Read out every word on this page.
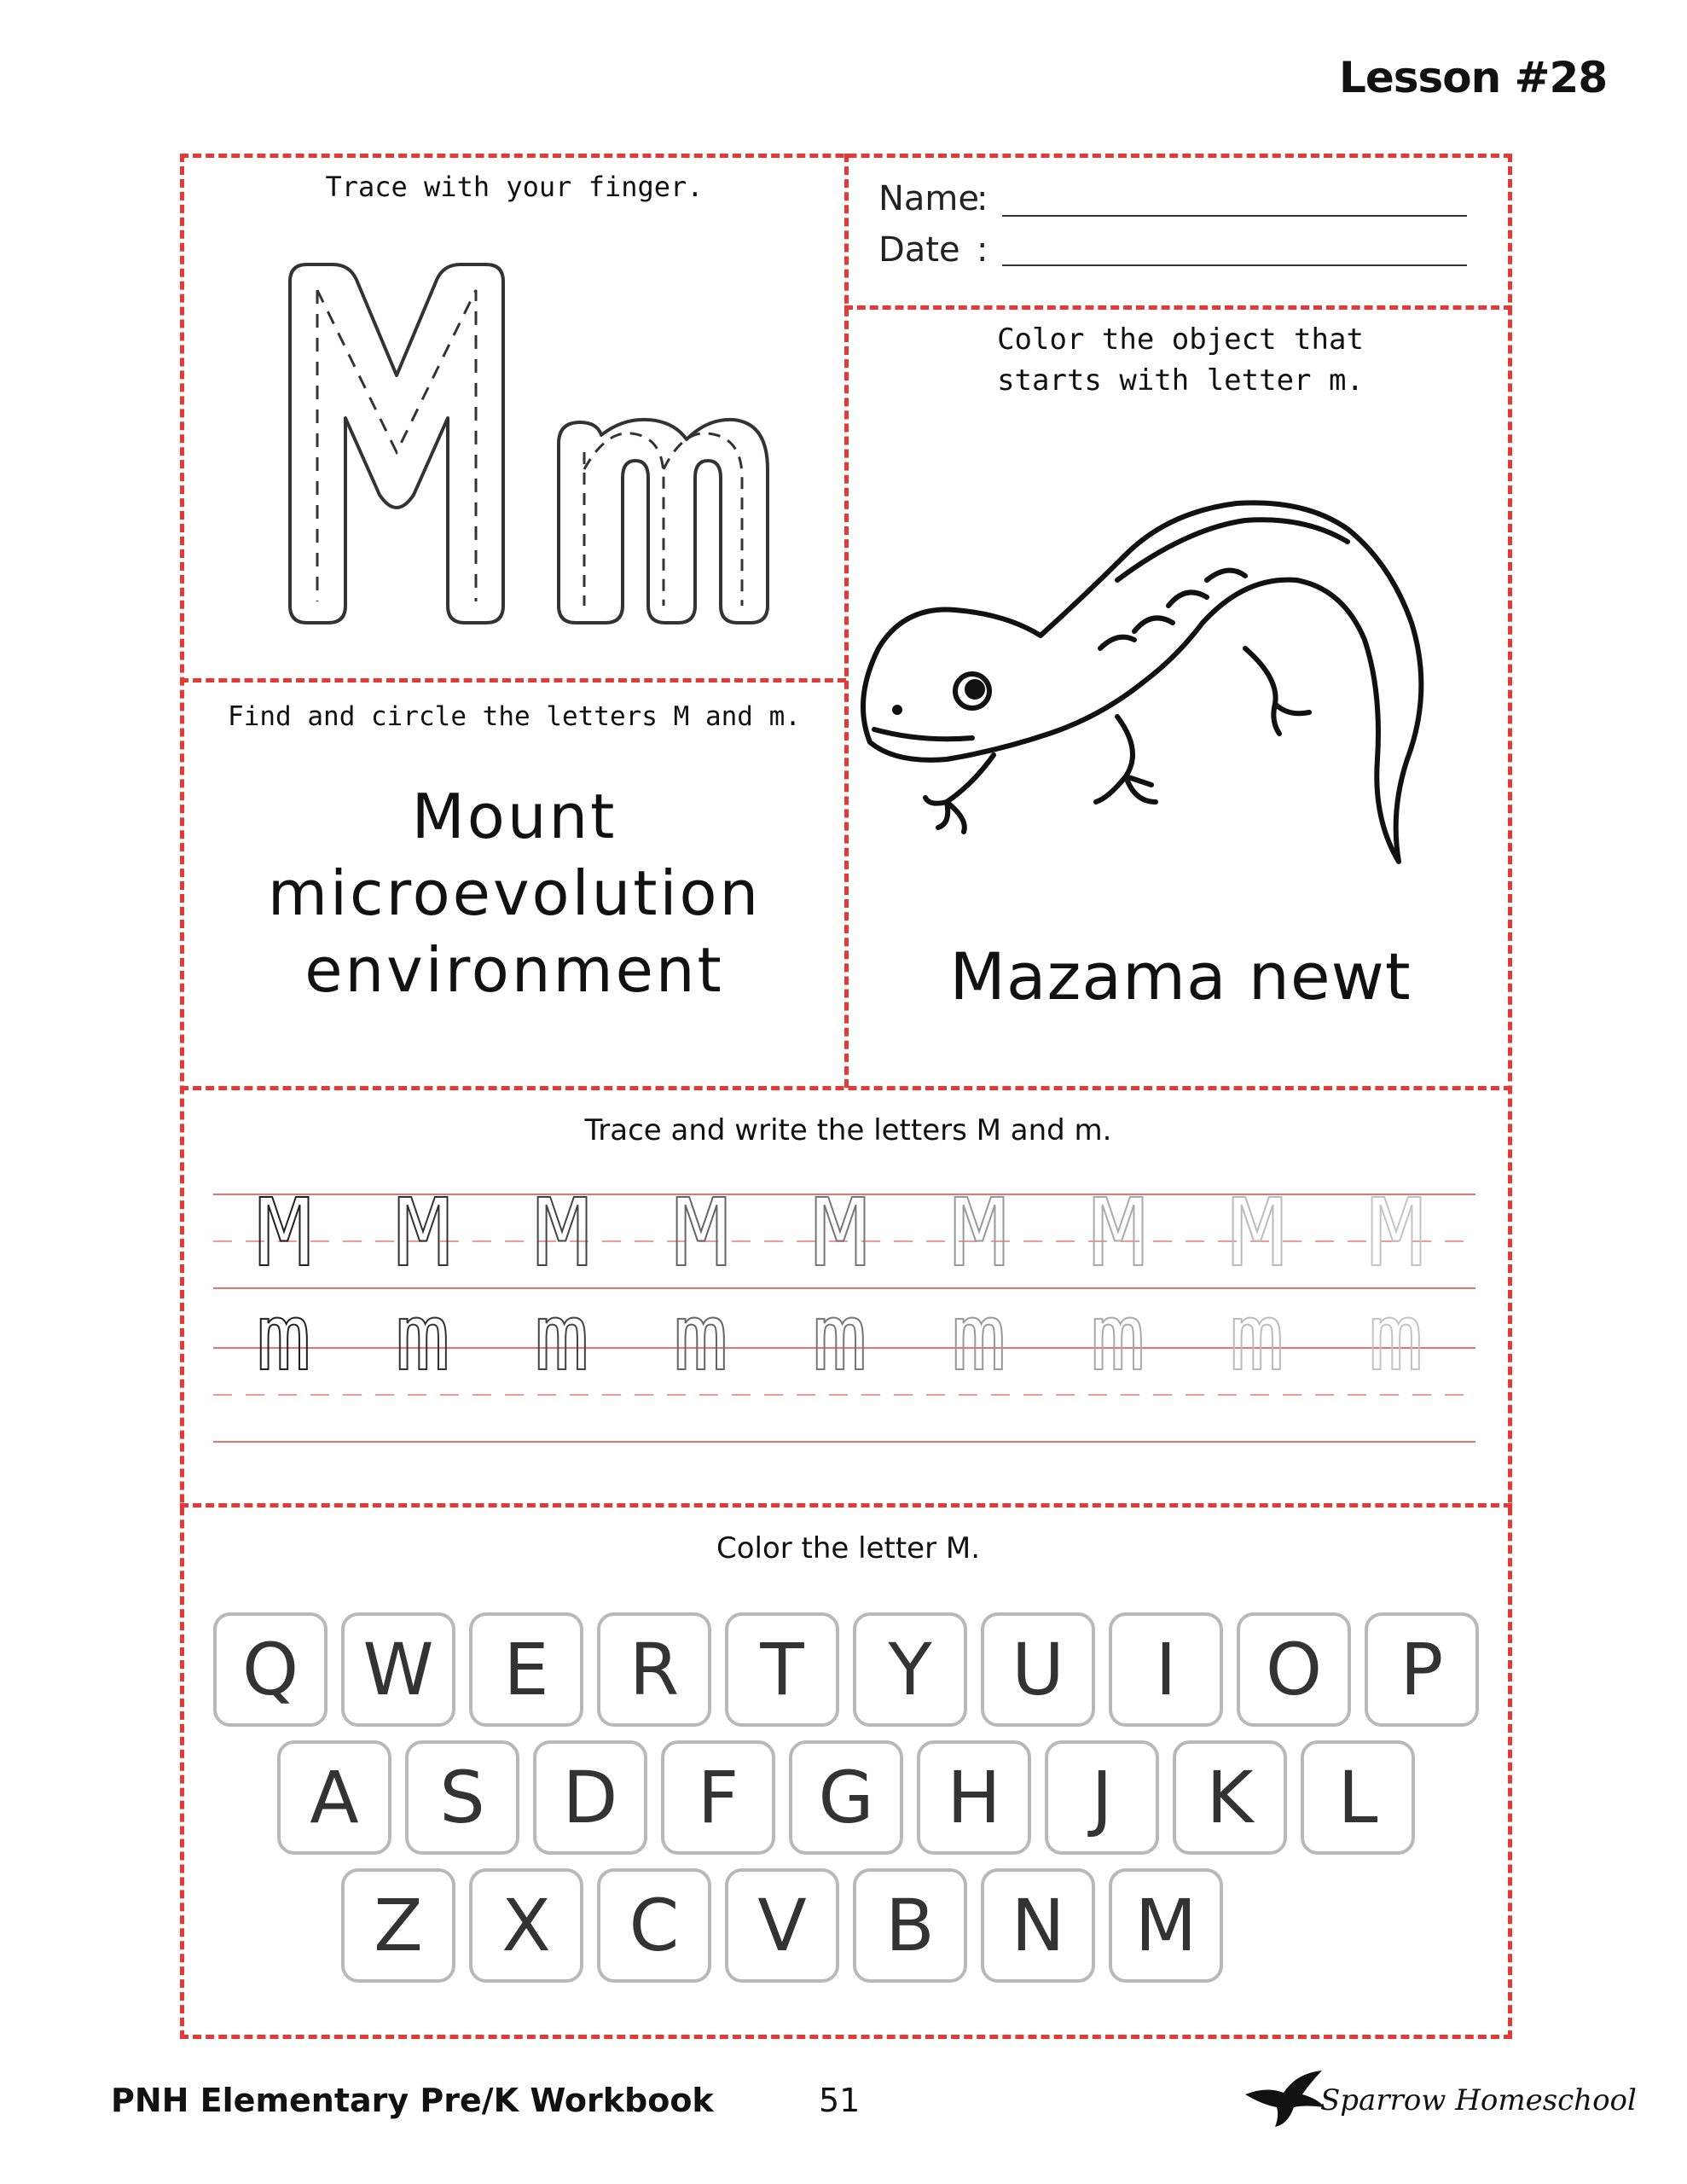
Lesson #28
Trace with your finger.	Name
:
Date :
Color the object that
starts with letter m.
Mazama newt
Find and circle the letters M and m.
Mount
microevolution
environment
Trace and write the letters M and m.
M M M M M M M M M
m m m m m m m m m
Color the letter M.
Q W E	R	T	Y	U	I	O	P
A	S	D	F	G	H	J	K	L
Z	X	C	V	B	N M
PNH Elementary Pre/K Workbook	51	Sparrow Homeschool
